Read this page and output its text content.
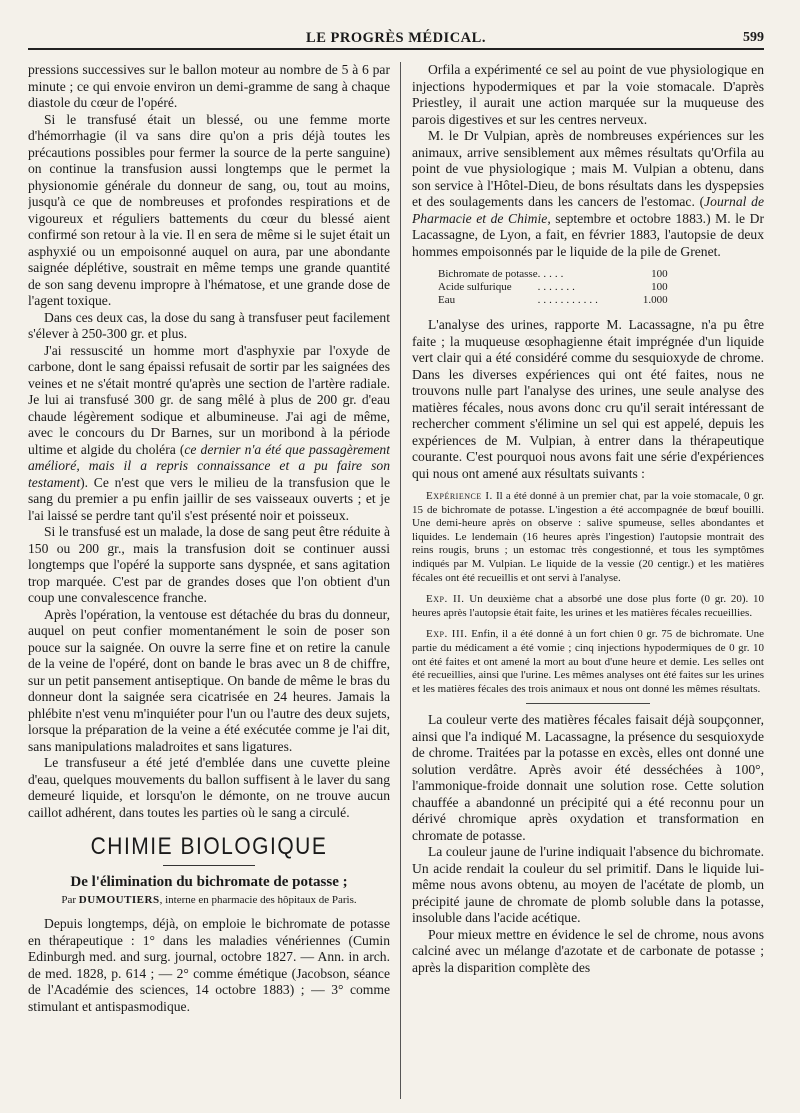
LE PROGRÈS MÉDICAL.	599

pressions successives sur le ballon moteur au nombre de 5 à 6 par minute ; ce qui envoie environ un demi-gramme de sang à chaque diastole du cœur de l'opéré.

Si le transfusé était un blessé, ou une femme morte d'hémorrhagie (il va sans dire qu'on a pris déjà toutes les précautions possibles pour fermer la source de la perte sanguine) on continue la transfusion aussi longtemps que le permet la physionomie générale du donneur de sang, ou, tout au moins, jusqu'à ce que de nombreuses et profondes respirations et de vigoureux et réguliers battements du cœur du blessé aient confirmé son retour à la vie. Il en sera de même si le sujet était un asphyxié ou un empoisonné auquel on aura, par une abondante saignée déplétive, soustrait en même temps une grande quantité de son sang devenu impropre à l'hématose, et une grande dose de l'agent toxique.

Dans ces deux cas, la dose du sang à transfuser peut facilement s'élever à 250-300 gr. et plus.

J'ai ressuscité un homme mort d'asphyxie par l'oxyde de carbone, dont le sang épaissi refusait de sortir par les saignées des veines et ne s'était montré qu'après une section de l'artère radiale. Je lui ai transfusé 300 gr. de sang mêlé à plus de 200 gr. d'eau chaude légèrement sodique et albumineuse. J'ai agi de même, avec le concours du Dr Barnes, sur un moribond à la période ultime et algide du choléra (ce dernier n'a été que passagèrement amélioré, mais il a repris connaissance et a pu faire son testament). Ce n'est que vers le milieu de la transfusion que le sang du premier a pu enfin jaillir de ses vaisseaux ouverts ; et je l'ai laissé se perdre tant qu'il s'est présenté noir et poisseux.

Si le transfusé est un malade, la dose de sang peut être réduite à 150 ou 200 gr., mais la transfusion doit se continuer aussi longtemps que l'opéré la supporte sans dyspnée, et sans agitation trop marquée. C'est par de grandes doses que l'on obtient d'un coup une convalescence franche.

Après l'opération, la ventouse est détachée du bras du donneur, auquel on peut confier momentanément le soin de poser son pouce sur la saignée. On ouvre la serre fine et on retire la canule de la veine de l'opéré, dont on bande le bras avec un 8 de chiffre, sur un petit pansement antiseptique. On bande de même le bras du donneur dont la saignée sera cicatrisée en 24 heures. Jamais la phlébite n'est venu m'inquiéter pour l'un ou l'autre des deux sujets, lorsque la préparation de la veine a été exécutée comme je l'ai dit, sans manipulations maladroites et sans ligatures.

Le transfuseur a été jeté d'emblée dans une cuvette pleine d'eau, quelques mouvements du ballon suffisent à le laver du sang demeuré liquide, et lorsqu'on le démonte, on ne trouve aucun caillot adhérent, dans toutes les parties où le sang a circulé.

CHIMIE BIOLOGIQUE
De l'élimination du bichromate de potasse ;
Par DUMOUTIERS, interne en pharmacie des hôpitaux de Paris.

Depuis longtemps, déjà, on emploie le bichromate de potasse en thérapeutique : 1° dans les maladies vénériennes (Cumin Edinburgh med. and surg. journal, octobre 1827. — Ann. in arch. de med. 1828, p. 614 ; — 2° comme émétique (Jacobson, séance de l'Académie des sciences, 14 octobre 1883) ; — 3° comme stimulant et antispasmodique.

Orfila a expérimenté ce sel au point de vue physiologique en injections hypodermiques et par la voie stomacale. D'après Priestley, il aurait une action marquée sur la muqueuse des parois digestives et sur les centres nerveux.

M. le Dr Vulpian, après de nombreuses expériences sur les animaux, arrive sensiblement aux mêmes résultats qu'Orfila au point de vue physiologique ; mais M. Vulpian a obtenu, dans son service à l'Hôtel-Dieu, de bons résultats dans les dyspepsies et des soulagements dans les cancers de l'estomac. (Journal de Pharmacie et de Chimie, septembre et octobre 1883.) M. le Dr Lacassagne, de Lyon, a fait, en février 1883, l'autopsie de deux hommes empoisonnés par le liquide de la pile de Grenet.

Bichromate de potasse	.....	100
Acide sulfurique	.......	100
Eau	...........	1.000

L'analyse des urines, rapporte M. Lacassagne, n'a pu être faite ; la muqueuse œsophagienne était imprégnée d'un liquide vert clair qui a été considéré comme du sesquioxyde de chrome. Dans les diverses expériences qui ont été faites, nous ne trouvons nulle part l'analyse des urines, une seule analyse des matières fécales, nous avons donc cru qu'il serait intéressant de rechercher comment s'élimine un sel qui est appelé, depuis les expériences de M. Vulpian, à entrer dans la thérapeutique courante. C'est pourquoi nous avons fait une série d'expériences qui nous ont amené aux résultats suivants :

Expérience I. Il a été donné à un premier chat, par la voie stomacale, 0 gr. 15 de bichromate de potasse. L'ingestion a été accompagnée de bœuf bouilli. Une demi-heure après on observe : salive spumeuse, selles abondantes et liquides. Le lendemain (16 heures après l'ingestion) l'autopsie montrait des reins rougis, bruns ; un estomac très congestionné, et tous les symptômes indiqués par M. Vulpian. Le liquide de la vessie (20 centigr.) et les matières fécales ont été recueillis et ont servi à l'analyse.

Exp. II. Un deuxième chat a absorbé une dose plus forte (0 gr. 20). 10 heures après l'autopsie était faite, les urines et les matières fécales recueillies.

Exp. III. Enfin, il a été donné à un fort chien 0 gr. 75 de bichromate. Une partie du médicament a été vomie ; cinq injections hypodermiques de 0 gr. 10 ont été faites et ont amené la mort au bout d'une heure et demie. Les selles ont été recueillies, ainsi que l'urine. Les mêmes analyses ont été faites sur les urines et les matières fécales des trois animaux et nous ont donné les mêmes résultats.

La couleur verte des matières fécales faisait déjà soupçonner, ainsi que l'a indiqué M. Lacassagne, la présence du sesquioxyde de chrome. Traitées par la potasse en excès, elles ont donné une solution verdâtre. Après avoir été desséchées à 100°, l'ammonique-froide donnait une solution rose. Cette solution chauffée a abandonné un précipité qui a été reconnu pour un dérivé chromique après oxydation et transformation en chromate de potasse.

La couleur jaune de l'urine indiquait l'absence du bichromate. Un acide rendait la couleur du sel primitif. Dans le liquide lui-même nous avons obtenu, au moyen de l'acétate de plomb, un précipité jaune de chromate de plomb soluble dans la potasse, insoluble dans l'acide acétique.

Pour mieux mettre en évidence le sel de chrome, nous avons calciné avec un mélange d'azotate et de carbonate de potasse ; après la disparition complète des
